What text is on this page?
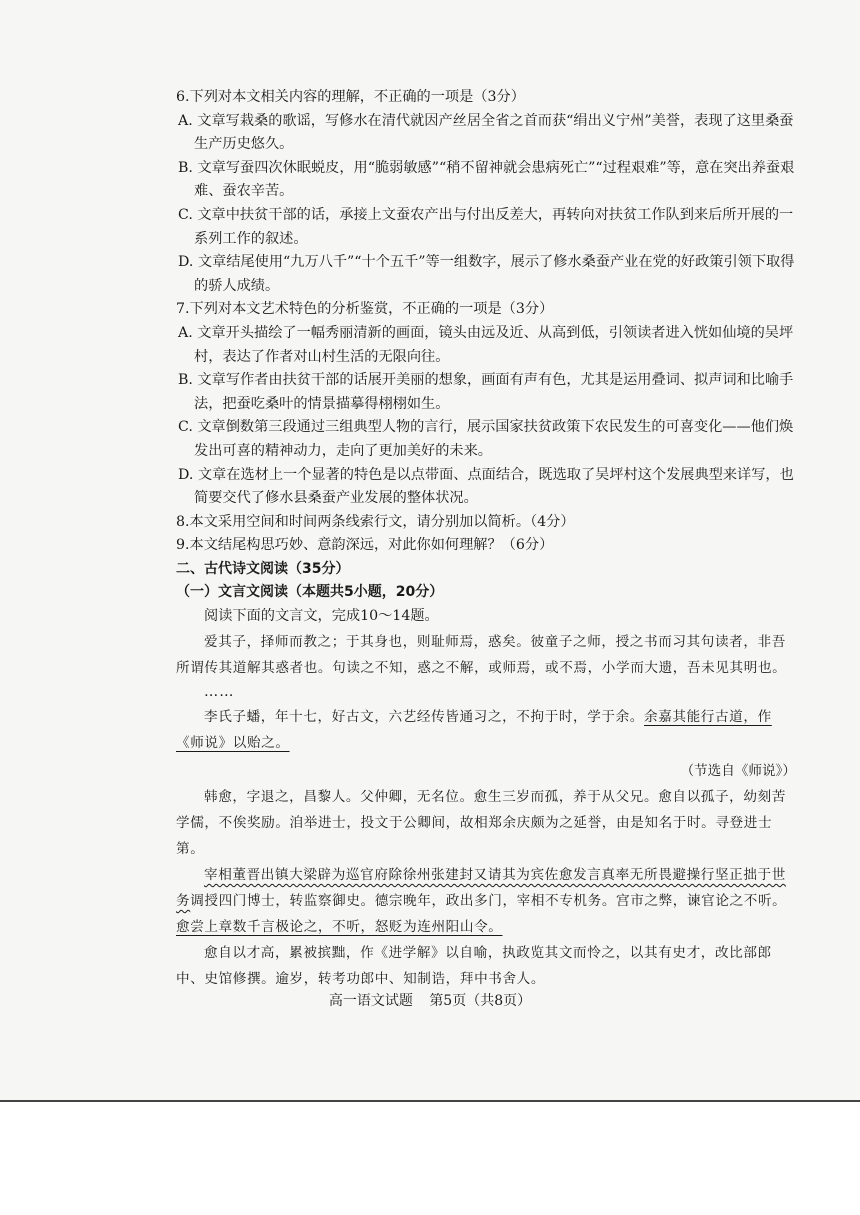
6.下列对本文相关内容的理解，不正确的一项是（3分）

A. 文章写栽桑的歌谣，写修水在清代就因产丝居全省之首而获“绢出义宁州”美誉，表现了这里桑蚕生产历史悠久。

B. 文章写蚕四次休眠蜕皮，用“脆弱敏感”“稍不留神就会患病死亡”“过程艰难”等，意在突出养蚕艰难、蚕农辛苦。

C. 文章中扶贫干部的话，承接上文蚕农产出与付出反差大，再转向对扶贫工作队到来后所开展的一系列工作的叙述。

D. 文章结尾使用“九万八千”“十个五千”等一组数字，展示了修水桑蚕产业在党的好政策引领下取得的骄人成绩。

7.下列对本文艺术特色的分析鉴赏，不正确的一项是（3分）

A. 文章开头描绘了一幅秀丽清新的画面，镜头由远及近、从高到低，引领读者进入恍如仙境的吴坪村，表达了作者对山村生活的无限向往。

B. 文章写作者由扶贫干部的话展开美丽的想象，画面有声有色，尤其是运用叠词、拟声词和比喻手法，把蚕吃桑叶的情景描摹得栩栩如生。

C. 文章倒数第三段通过三组典型人物的言行，展示国家扶贫政策下农民发生的可喜变化——他们焕发出可喜的精神动力，走向了更加美好的未来。

D. 文章在选材上一个显著的特色是以点带面、点面结合，既选取了吴坪村这个发展典型来详写，也简要交代了修水县桑蚕产业发展的整体状况。

8.本文采用空间和时间两条线索行文，请分别加以简析。（4分）

9.本文结尾构思巧妙、意韵深远，对此你如何理解？（6分）

二、古代诗文阅读（35分）

（一）文言文阅读（本题共5小题，20分）

阅读下面的文言文，完成10～14题。

爱其子，择师而教之；于其身也，则耻师焉，惑矣。彼童子之师，授之书而习其句读者，非吾所谓传其道解其惑者也。句读之不知，惑之不解，或师焉，或不焉，小学而大遗，吾未见其明也。

……

李氏子蟠，年十七，好古文，六艺经传皆通习之，不拘于时，学于余。余嘉其能行古道，作《师说》以贻之。

（节选自《师说》）

韩愈，字退之，昌黎人。父仲卿，无名位。愈生三岁而孤，养于从父兄。愈自以孤子，幼刻苦学儒，不俟奖励。洎举进士，投文于公卿间，故相郑余庆颇为之延誉，由是知名于时。寻登进士第。

宰相董晋出镇大梁辟为巡官府除徐州张建封又请其为宾佐愈发言真率无所畏避操行坚正拙于世务调授四门博士，转监察御史。德宗晚年，政出多门，宰相不专机务。宫市之弊，谏官论之不听。愈尝上章数千言极论之，不听，怒贬为连州阳山令。

愈自以才高，累被摈黜，作《进学解》以自喻，执政览其文而怜之，以其有史才，改比部郎中、史馆修撰。逾岁，转考功郎中、知制诰，拜中书舍人。

高一语文试题 第5页（共8页）
